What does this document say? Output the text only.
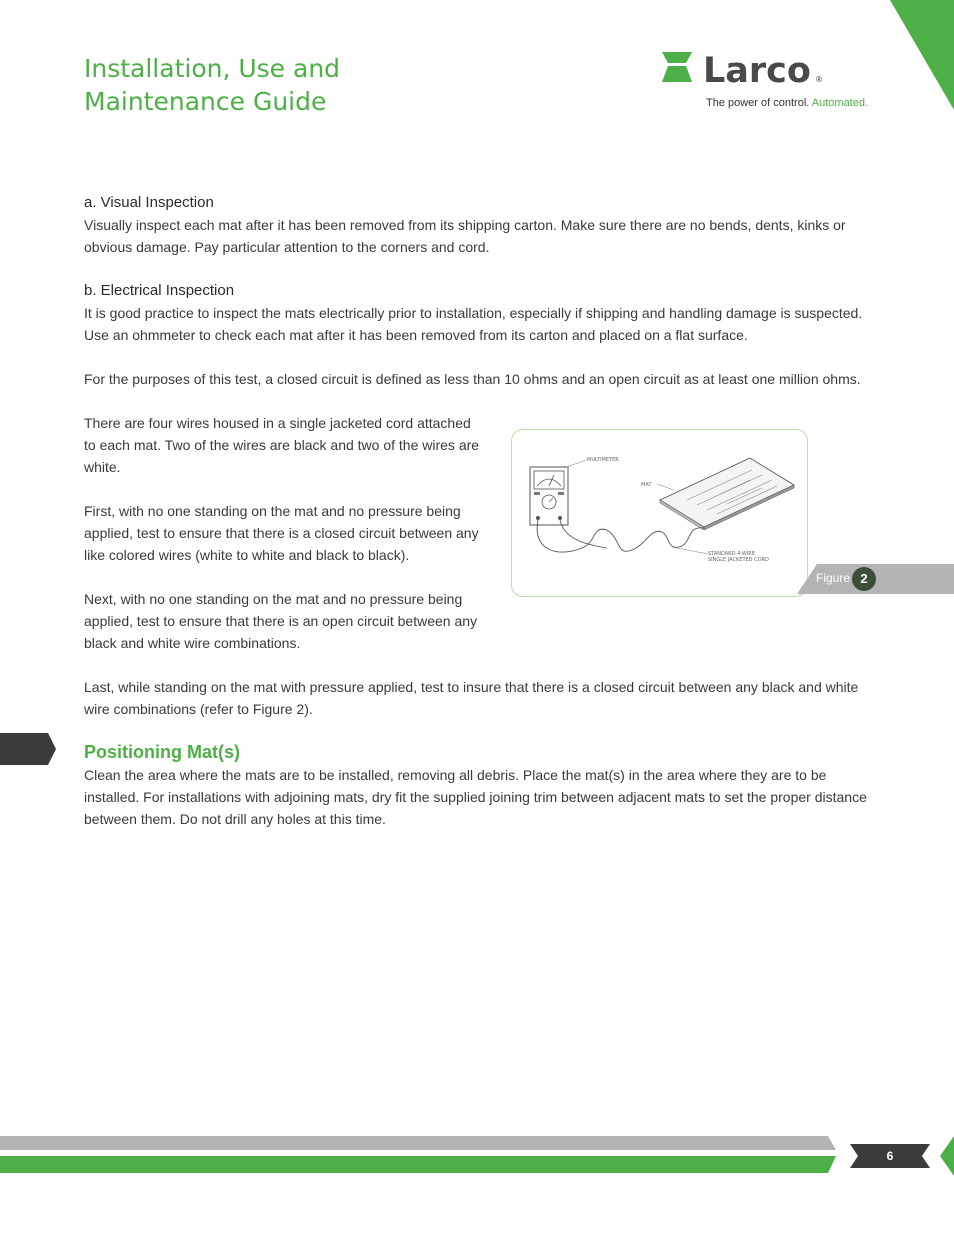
Installation, Use and
Maintenance Guide
Larco ®
The power of control. Automated.
a. Visual Inspection

Visually inspect each mat after it has been removed from its shipping carton. Make sure there are no bends, dents, kinks or obvious damage. Pay particular attention to the corners and cord.

b. Electrical Inspection

It is good practice to inspect the mats electrically prior to installation, especially if shipping and handling damage is suspected. Use an ohmmeter to check each mat after it has been removed from its carton and placed on a flat surface.

For the purposes of this test, a closed circuit is defined as less than 10 ohms and an open circuit as at least one million ohms.

There are four wires housed in a single jacketed cord attached to each mat. Two of the wires are black and two of the wires are white.

First, with no one standing on the mat and no pressure being applied, test to ensure that there is a closed circuit between any like colored wires (white to white and black to black).

Next, with no one standing on the mat and no pressure being applied, test to ensure that there is an open circuit between any black and white wire combinations.

Last, while standing on the mat with pressure applied, test to insure that there is a closed circuit between any black and white wire combinations (refer to Figure 2).

Positioning Mat(s)

Clean the area where the mats are to be installed, removing all debris. Place the mat(s) in the area where they are to be installed. For installations with adjoining mats, dry fit the supplied joining trim between adjacent mats to set the proper distance between them. Do not drill any holes at this time.

MULTIMETER
MAT
STANDARD 4-WIRE
SINGLE JACKETED CORD
Figure 2
6
